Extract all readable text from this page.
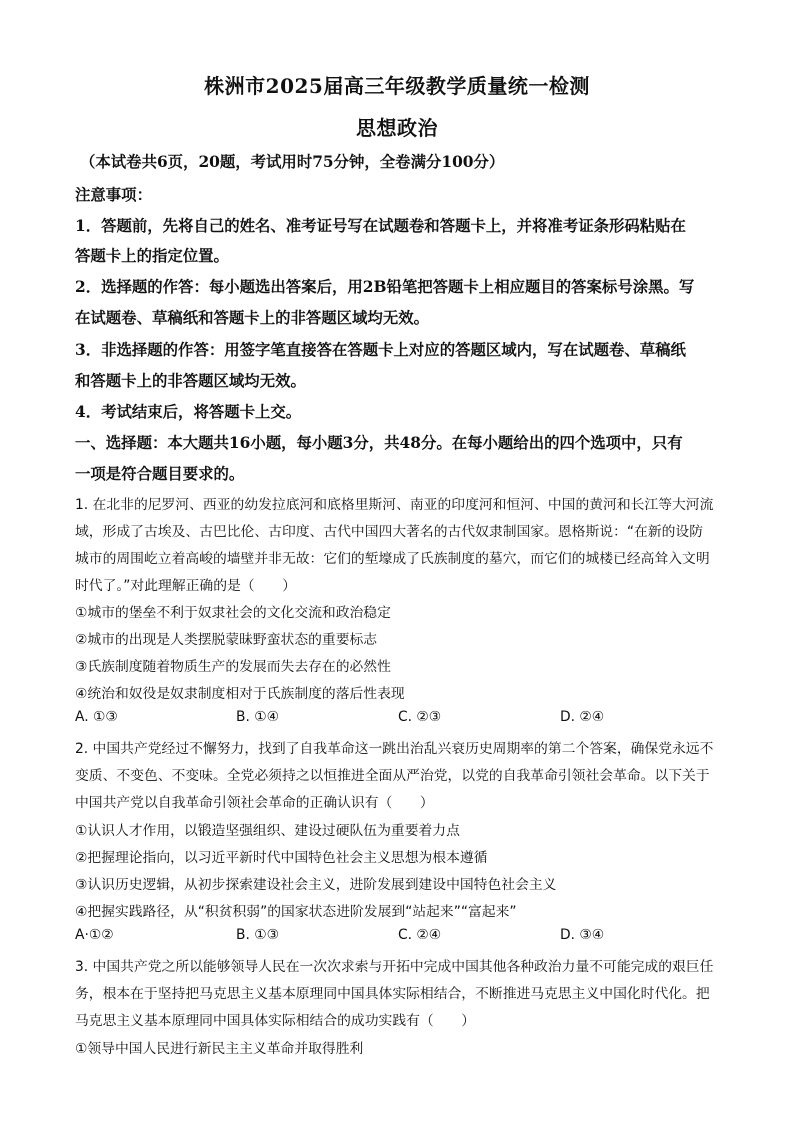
株洲市2025届高三年级教学质量统一检测
思想政治
（本试卷共6页，20题，考试用时75分钟，全卷满分100分）
注意事项：
1．答题前，先将自己的姓名、准考证号写在试题卷和答题卡上，并将准考证条形码粘贴在
答题卡上的指定位置。
2．选择题的作答：每小题选出答案后，用2B铅笔把答题卡上相应题目的答案标号涂黑。写
在试题卷、草稿纸和答题卡上的非答题区域均无效。
3．非选择题的作答：用签字笔直接答在答题卡上对应的答题区域内，写在试题卷、草稿纸
和答题卡上的非答题区域均无效。
4．考试结束后，将答题卡上交。
一、选择题：本大题共16小题，每小题3分，共48分。在每小题给出的四个选项中，只有
一项是符合题目要求的。
1. 在北非的尼罗河、西亚的幼发拉底河和底格里斯河、南亚的印度河和恒河、中国的黄河和长江等大河流
域，形成了古埃及、古巴比伦、古印度、古代中国四大著名的古代奴隶制国家。恩格斯说：“在新的设防
城市的周围屹立着高峻的墙壁并非无故：它们的堑壕成了氏族制度的墓穴，而它们的城楼已经高耸入文明
时代了。”对此理解正确的是（　　）
①城市的堡垒不利于奴隶社会的文化交流和政治稳定
②城市的出现是人类摆脱蒙昧野蛮状态的重要标志
③氏族制度随着物质生产的发展而失去存在的必然性
④统治和奴役是奴隶制度相对于氏族制度的落后性表现
A. ①③	B. ①④	C. ②③	D. ②④
2. 中国共产党经过不懈努力，找到了自我革命这一跳出治乱兴衰历史周期率的第二个答案，确保党永远不
变质、不变色、不变味。全党必须持之以恒推进全面从严治党，以党的自我革命引领社会革命。以下关于
中国共产党以自我革命引领社会革命的正确认识有（　　）
①认识人才作用，以锻造坚强组织、建设过硬队伍为重要着力点
②把握理论指向，以习近平新时代中国特色社会主义思想为根本遵循
③认识历史逻辑，从初步探索建设社会主义，进阶发展到建设中国特色社会主义
④把握实践路径，从“积贫积弱”的国家状态进阶发展到“站起来”“富起来”
A·①②	B. ①③	C. ②④	D. ③④
3. 中国共产党之所以能够领导人民在一次次求索与开拓中完成中国其他各种政治力量不可能完成的艰巨任
务，根本在于坚持把马克思主义基本原理同中国具体实际相结合，不断推进马克思主义中国化时代化。把
马克思主义基本原理同中国具体实际相结合的成功实践有（　　）
①领导中国人民进行新民主主义革命并取得胜利
